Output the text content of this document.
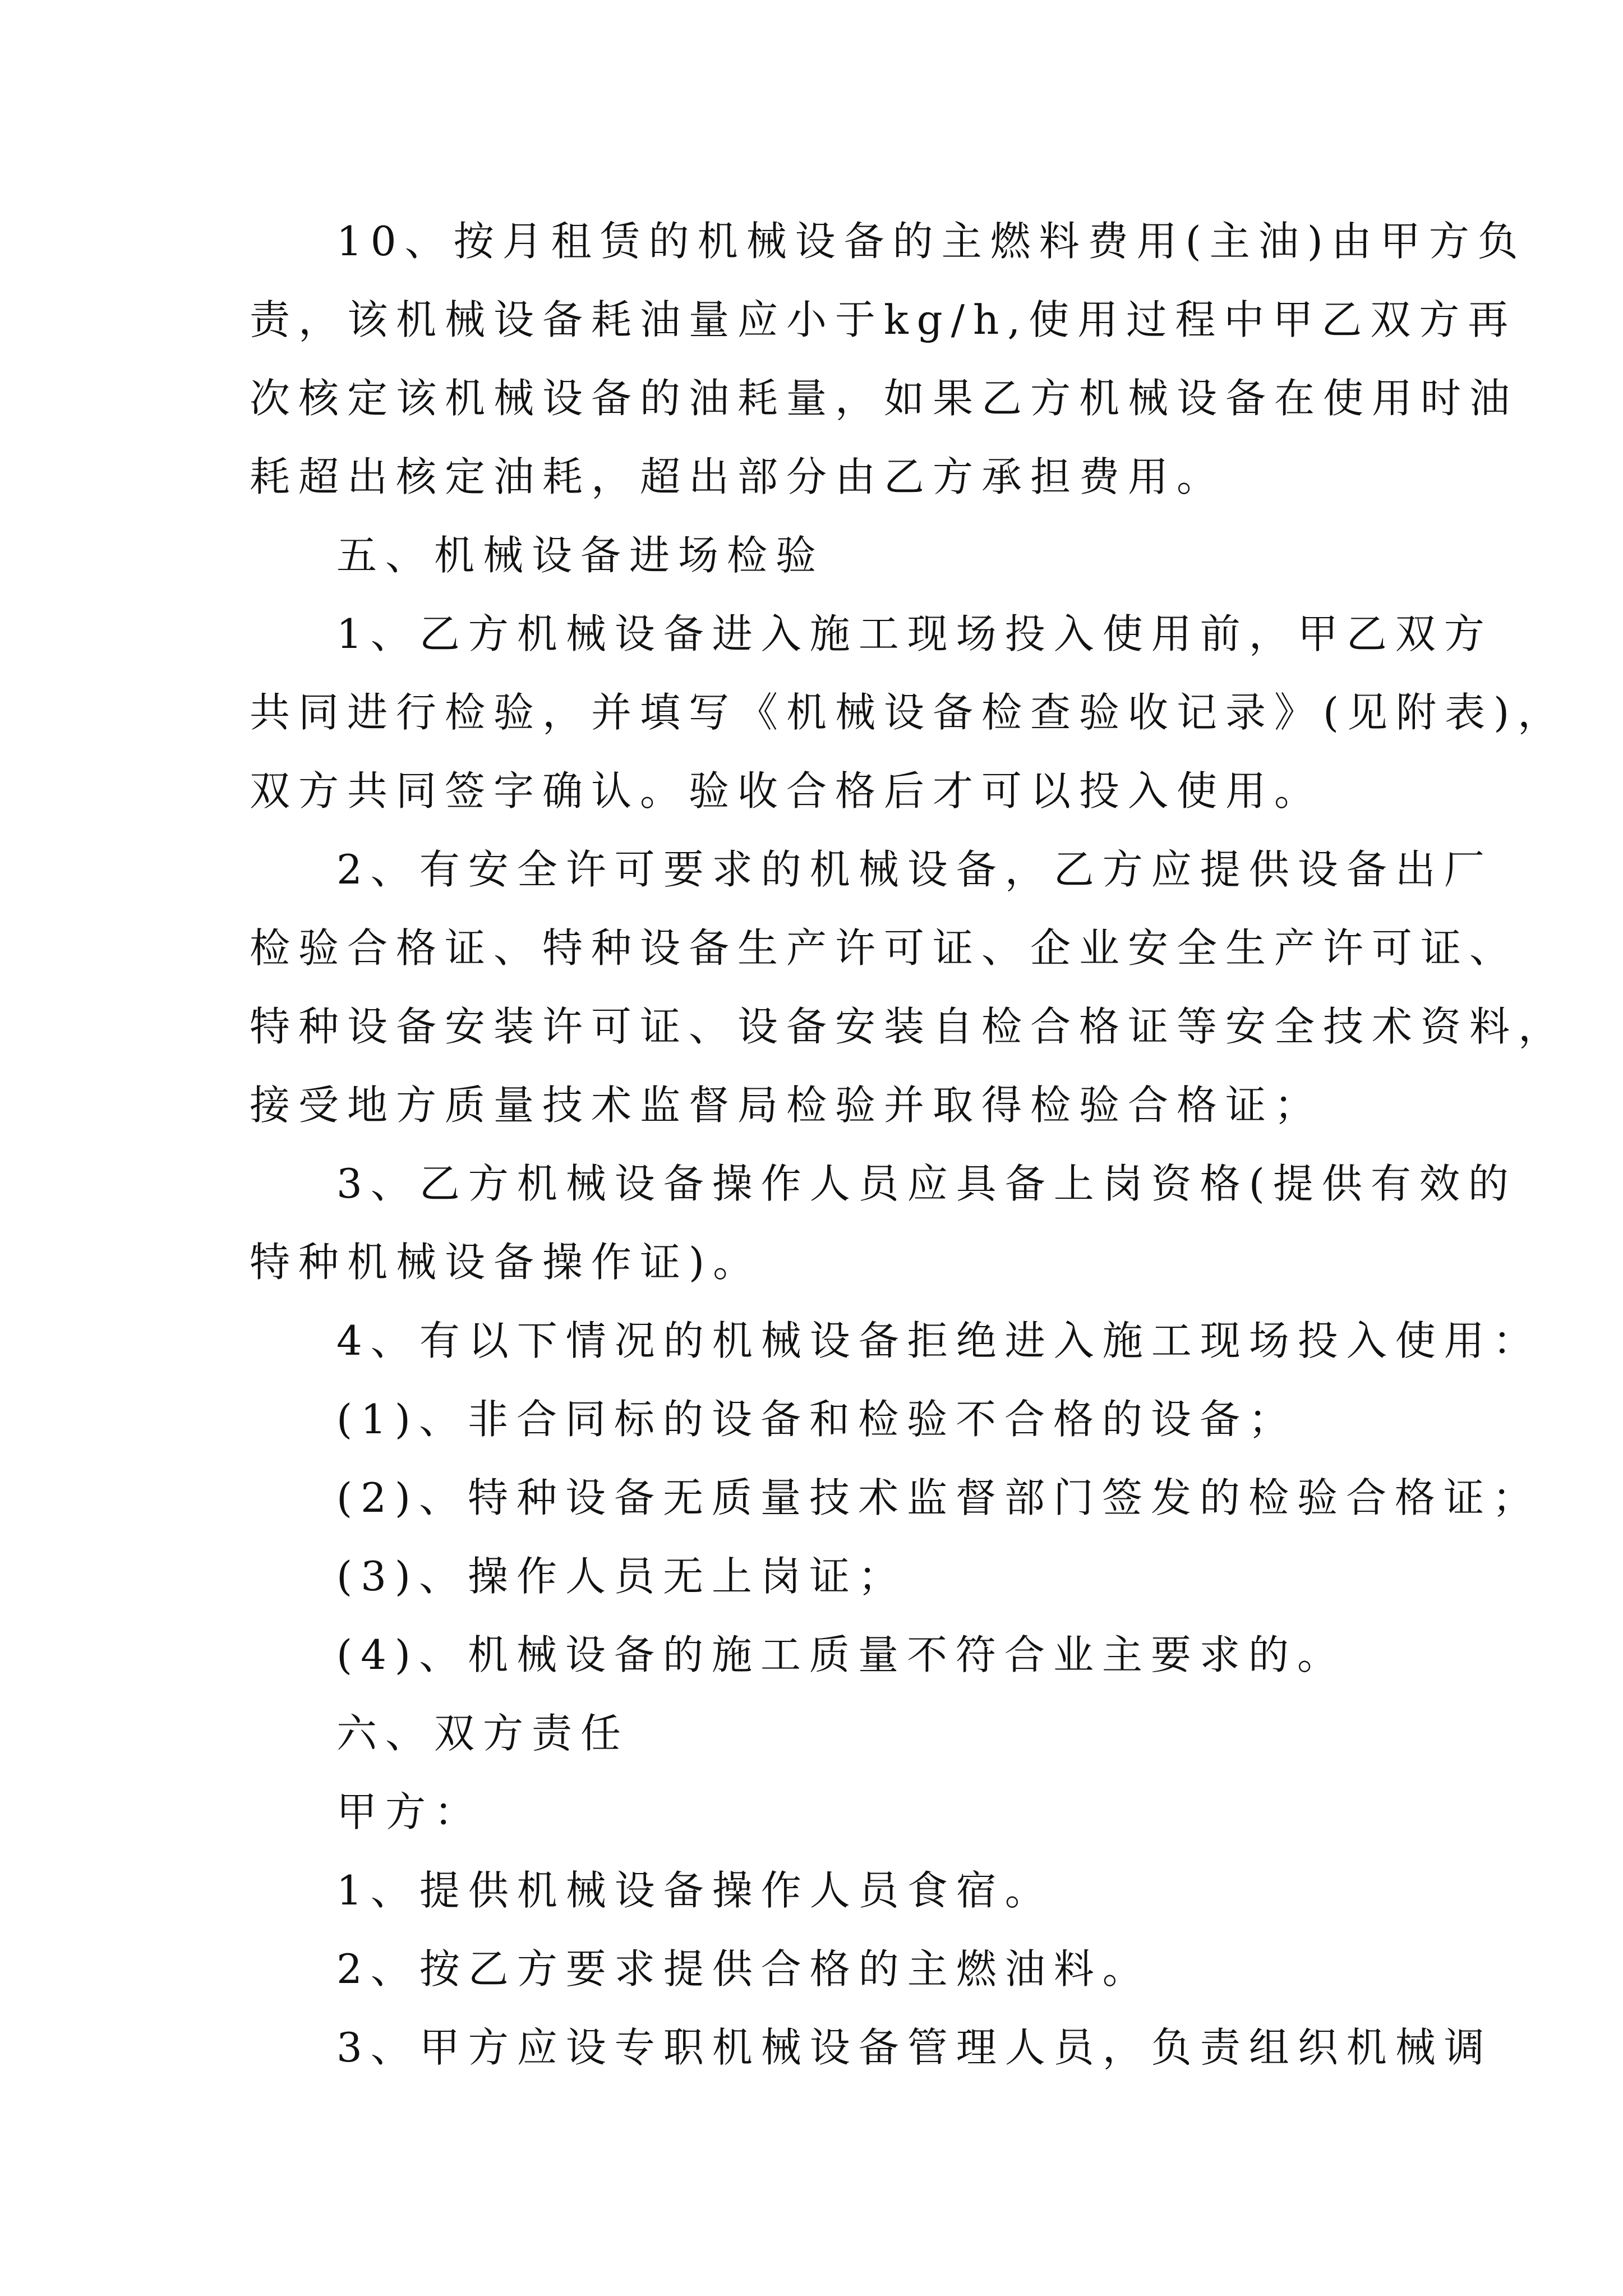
10、按月租赁的机械设备的主燃料费用(主油)由甲方负
责，该机械设备耗油量应小于kg/h,使用过程中甲乙双方再
次核定该机械设备的油耗量，如果乙方机械设备在使用时油
耗超出核定油耗，超出部分由乙方承担费用。
五、机械设备进场检验
1、乙方机械设备进入施工现场投入使用前，甲乙双方
共同进行检验，并填写《机械设备检查验收记录》(见附表)，
双方共同签字确认。验收合格后才可以投入使用。
2、有安全许可要求的机械设备，乙方应提供设备出厂
检验合格证、特种设备生产许可证、企业安全生产许可证、
特种设备安装许可证、设备安装自检合格证等安全技术资料，
接受地方质量技术监督局检验并取得检验合格证；
3、乙方机械设备操作人员应具备上岗资格(提供有效的
特种机械设备操作证)。
4、有以下情况的机械设备拒绝进入施工现场投入使用：
(1)、非合同标的设备和检验不合格的设备；
(2)、特种设备无质量技术监督部门签发的检验合格证；
(3)、操作人员无上岗证；
(4)、机械设备的施工质量不符合业主要求的。
六、双方责任
甲方：
1、提供机械设备操作人员食宿。
2、按乙方要求提供合格的主燃油料。
3、甲方应设专职机械设备管理人员，负责组织机械调
